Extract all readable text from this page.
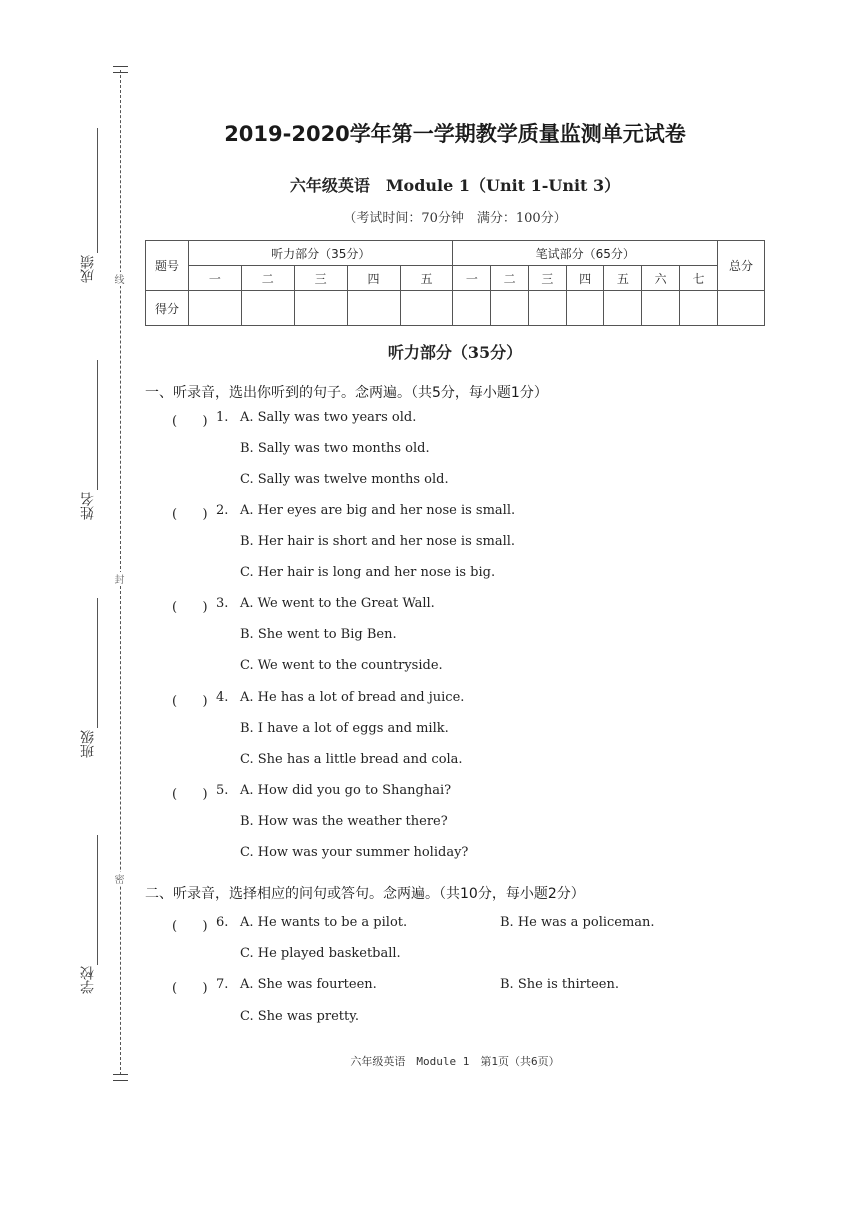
线
封
密
成绩
姓名
班级
学校
2019-2020学年第一学期教学质量监测单元试卷
六年级英语　Module 1（Unit 1-Unit 3）
（考试时间：70分钟　满分：100分）
题号	听力部分（35分）					笔试部分（65分）							总分
	一	二	三	四	五	一	二	三	四	五	六	七	
得分													
听力部分（35分）
一、听录音，选出你听到的句子。念两遍。（共5分，每小题1分）
(　   ) 1. A. Sally was two years old.
B. Sally was two months old.
C. Sally was twelve months old.
(　   ) 2. A. Her eyes are big and her nose is small.
B. Her hair is short and her nose is small.
C. Her hair is long and her nose is big.
(　   ) 3. A. We went to the Great Wall.
B. She went to Big Ben.
C. We went to the countryside.
(　   ) 4. A. He has a lot of bread and juice.
B. I have a lot of eggs and milk.
C. She has a little bread and cola.
(　   ) 5. A. How did you go to Shanghai?
B. How was the weather there?
C. How was your summer holiday?
二、听录音，选择相应的问句或答句。念两遍。（共10分，每小题2分）
(　   ) 6. A. He wants to be a pilot.	B. He was a policeman.
C. He played basketball.
(　   ) 7. A. She was fourteen.	B. She is thirteen.
C. She was pretty.
六年级英语　Module 1　第1页（共6页）
